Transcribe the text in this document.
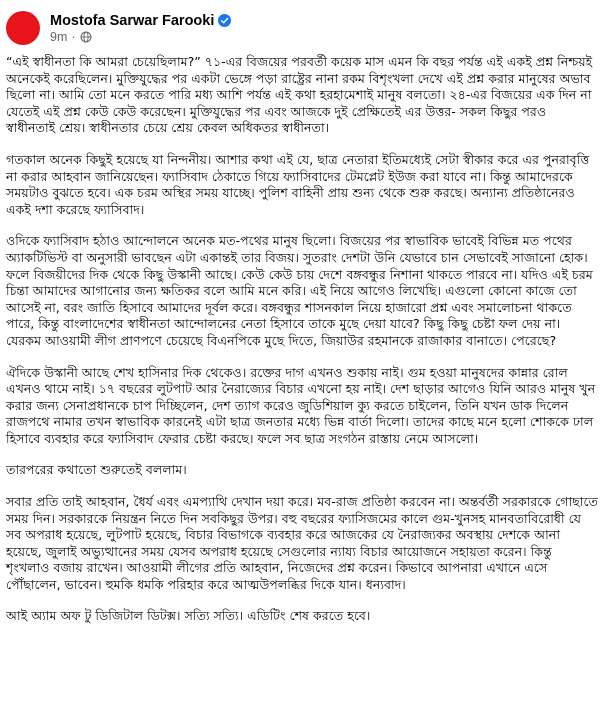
Mostofa Sarwar Farooki
9m ·

“এই স্বাধীনতা কি আমরা চেয়েছিলাম?” ৭১-এর বিজয়ের পরবর্তী কয়েক মাস এমন কি বছর পর্যন্ত এই একই প্রশ্ন নিশ্চয়ই অনেকেই করেছিলেন। মুক্তিযুদ্ধের পর একটা ভেঙ্গে পড়া রাষ্ট্রের নানা রকম বিশৃংখলা দেখে এই প্রশ্ন করার মানুষের অভাব ছিলো না। আমি তো মনে করতে পারি মধ্য আশি পর্যন্ত এই কথা হরহামেশাই মানুষ বলতো। ২৪-এর বিজয়ের এক দিন না যেতেই এই প্রশ্ন কেউ কেউ করেছেন। মুক্তিযুদ্ধের পর এবং আজকে দুই প্রেক্ষিতেই এর উত্তর- সকল কিছুর পরও স্বাধীনতাই শ্রেয়। স্বাধীনতার চেয়ে শ্রেয় কেবল অধিকতর স্বাধীনতা।

গতকাল অনেক কিছুই হয়েছে যা নিন্দনীয়। আশার কথা এই যে, ছাত্র নেতারা ইতিমধ্যেই সেটা স্বীকার করে এর পুনরাবৃত্তি না করার আহবান জানিয়েছেন। ফ্যাসিবাদ ঠেকাতে গিয়ে ফ্যাসিবাদের টেমপ্লেট ইউজ করা যাবে না। কিন্তু আমাদেরকে সময়টাও বুঝতে হবে। এক চরম অস্থির সময় যাচ্ছে। পুলিশ বাহিনী প্রায় শুন্য থেকে শুরু করছে। অন্যান্য প্রতিষ্ঠানেরও একই দশা করেছে ফ্যাসিবাদ।

ওদিকে ফ্যাসিবাদ হঠাও আন্দোলনে অনেক মত-পথের মানুষ ছিলো। বিজয়ের পর স্বাভাবিক ভাবেই বিভিন্ন মত পথের অ্যাকটিভিস্ট বা অনুসারী ভাবছেন এটা একান্তই তার বিজয়। সুতরাং দেশটা উনি যেভাবে চান সেভাবেই সাজানো হোক। ফলে বিজয়ীদের দিক থেকে কিছু উস্কানী আছে। কেউ কেউ চায় দেশে বঙ্গবন্ধুর নিশানা থাকতে পারবে না। যদিও এই চরম চিন্তা আমাদের আগানোর জন্য ক্ষতিকর বলে আমি মনে করি। এই নিয়ে আগেও লিখেছি। এগুলো কোনো কাজে তো আসেই না, বরং জাতি হিসাবে আমাদের দূর্বল করে। বঙ্গবন্ধুর শাসনকাল নিয়ে হাজারো প্রশ্ন এবং সমালোচনা থাকতে পারে, কিন্তু বাংলাদেশের স্বাধীনতা আন্দোলনের নেতা হিসাবে তাকে মুছে দেয়া যাবে? কিছু কিছু চেষ্টা ফল দেয় না। যেরকম আওয়ামী লীগ প্রাণপণে চেয়েছে বিএনপিকে মুছে দিতে, জিয়াউর রহমানকে রাজাকার বানাতে। পেরেছে?

ঐদিকে উস্কানী আছে শেখ হাসিনার দিক থেকেও। রক্তের দাগ এখনও শুকায় নাই। গুম হওয়া মানুষদের কান্নার রোল এখনও থামে নাই। ১৭ বছরের লুটপাট আর নৈরাজ্যের বিচার এখনো হয় নাই। দেশ ছাড়ার আগেও যিনি আরও মানুষ খুন করার জন্য সেনাপ্রধানকে চাপ দিচ্ছিলেন, দেশ ত্যাগ করেও জুডিশিয়াল ক্যু করতে চাইলেন, তিনি যখন ডাক দিলেন রাজপথে নামার তখন স্বাভাবিক কারনেই এটা ছাত্র জনতার মধ্যে ভিন্ন বার্তা দিলো। তাদের কাছে মনে হলো শোককে ঢাল হিসাবে ব্যবহার করে ফ্যাসিবাদ ফেরার চেষ্টা করছে। ফলে সব ছাত্র সংগঠন রাস্তায় নেমে আসলো।

তারপরের কথাতো শুরুতেই বললাম।

সবার প্রতি তাই আহবান, ধৈর্য এবং এমপ্যাথি দেখান দয়া করে। মব-রাজ প্রতিষ্ঠা করবেন না। অন্তর্বর্তী সরকারকে গোছাতে সময় দিন। সরকারকে নিয়ন্ত্রন নিতে দিন সবকিছুর উপর। বহু বছরের ফ্যাসিজমের কালে গুম-খুনসহ মানবতাবিরোধী যে সব অপরাধ হয়েছে, লুটপাট হয়েছে, বিচার বিভাগকে ব্যবহার করে আজকের যে নৈরাজ্যকর অবস্থায় দেশকে আনা হয়েছে, জুলাই অভ্যুত্থানের সময় যেসব অপরাধ হয়েছে সেগুলোর ন্যায্য বিচার আয়োজনে সহায়তা করেন। কিন্তু শৃংখলাও বজায় রাখেন। আওয়ামী লীগের প্রতি আহবান, নিজেদের প্রশ্ন করেন। কিভাবে আপনারা এখানে এসে পৌঁছালেন, ভাবেন। হুমকি ধমকি পরিহার করে আত্মউপলব্ধির দিকে যান। ধন্যবাদ।

আই অ্যাম অফ টু ডিজিটাল ডিটক্স। সত্যি সত্যি। এডিটিং শেষ করতে হবে।
